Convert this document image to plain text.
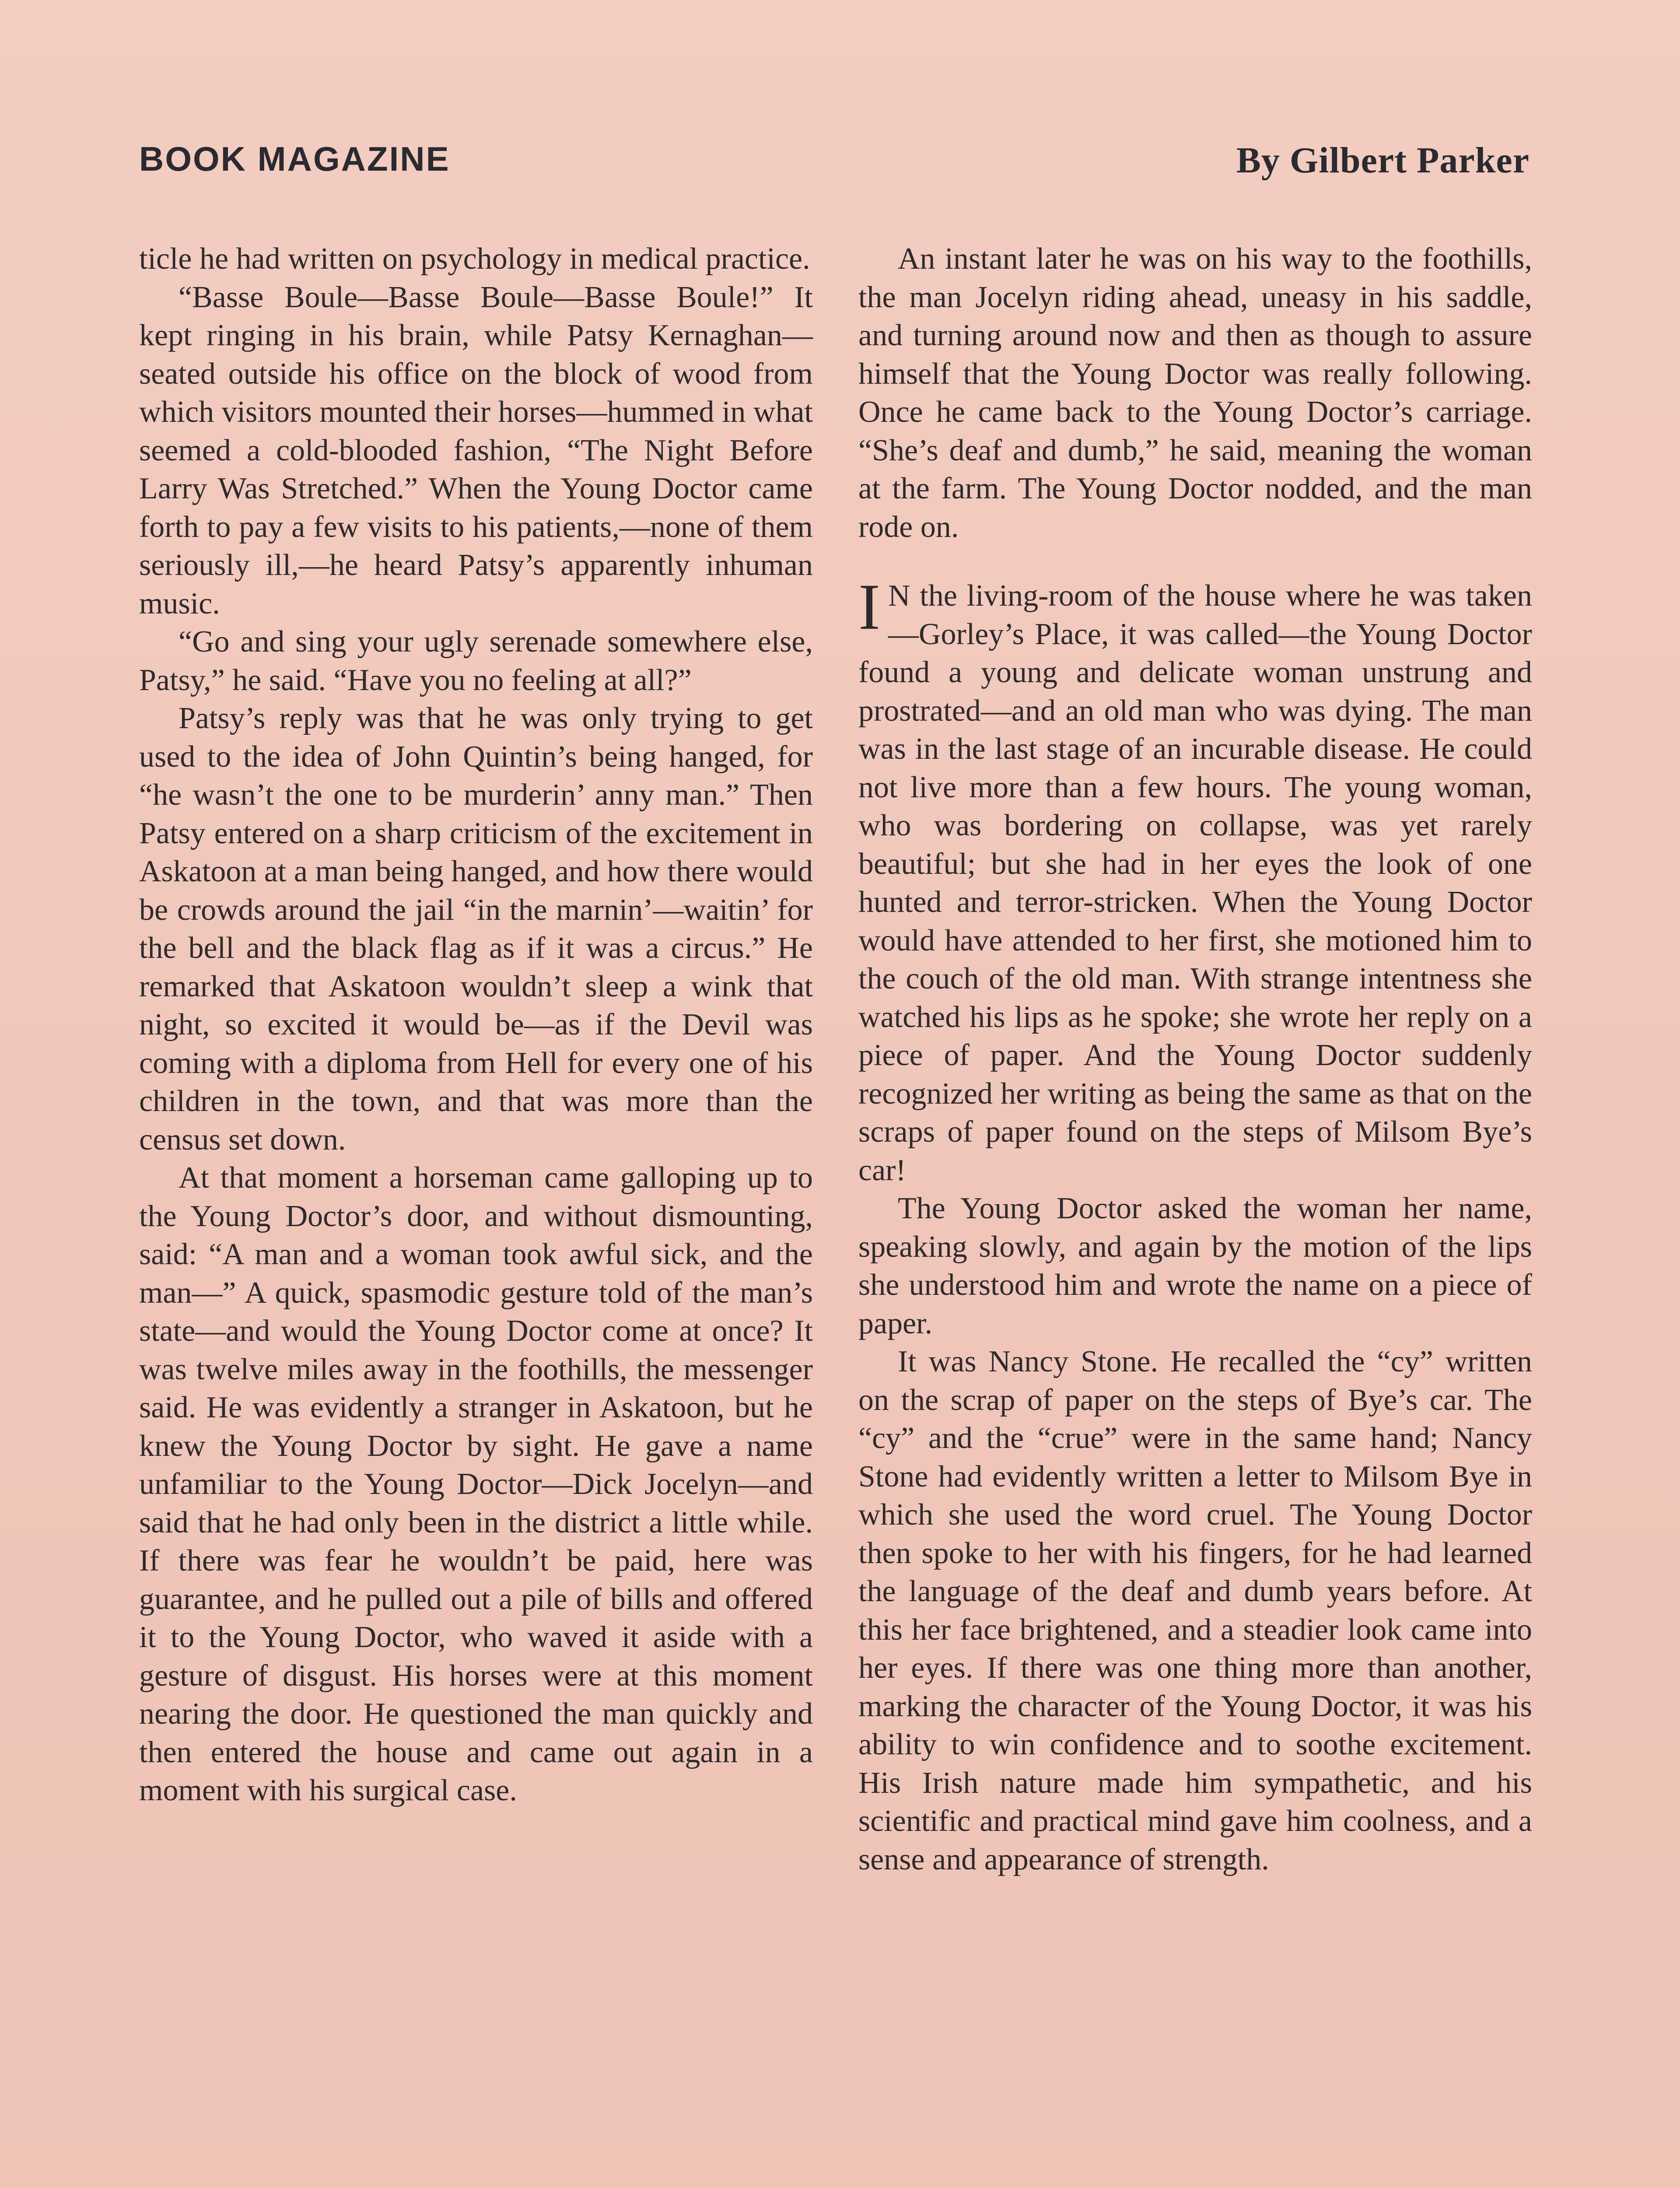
BOOK MAGAZINE	By Gilbert Parker

ticle he had written on psychology in medical practice.

“Basse Boule—Basse Boule—Basse Boule!” It kept ringing in his brain, while Patsy Kernaghan—seated outside his office on the block of wood from which visitors mounted their horses—hummed in what seemed a cold-blooded fashion, “The Night Before Larry Was Stretched.” When the Young Doctor came forth to pay a few visits to his patients,—none of them seriously ill,—he heard Patsy’s apparently inhuman music.

“Go and sing your ugly serenade somewhere else, Patsy,” he said. “Have you no feeling at all?”

Patsy’s reply was that he was only trying to get used to the idea of John Quintin’s being hanged, for “he wasn’t the one to be murderin’ anny man.” Then Patsy entered on a sharp criticism of the excitement in Askatoon at a man being hanged, and how there would be crowds around the jail “in the marnin’—waitin’ for the bell and the black flag as if it was a circus.” He remarked that Askatoon wouldn’t sleep a wink that night, so excited it would be—as if the Devil was coming with a diploma from Hell for every one of his children in the town, and that was more than the census set down.

At that moment a horseman came galloping up to the Young Doctor’s door, and without dismounting, said: “A man and a woman took awful sick, and the man—” A quick, spasmodic gesture told of the man’s state—and would the Young Doctor come at once? It was twelve miles away in the foothills, the messenger said. He was evidently a stranger in Askatoon, but he knew the Young Doctor by sight. He gave a name unfamiliar to the Young Doctor—Dick Jocelyn—and said that he had only been in the district a little while. If there was fear he wouldn’t be paid, here was guarantee, and he pulled out a pile of bills and offered it to the Young Doctor, who waved it aside with a gesture of disgust. His horses were at this moment nearing the door. He questioned the man quickly and then entered the house and came out again in a moment with his surgical case.

An instant later he was on his way to the foothills, the man Jocelyn riding ahead, uneasy in his saddle, and turning around now and then as though to assure himself that the Young Doctor was really following. Once he came back to the Young Doctor’s carriage. “She’s deaf and dumb,” he said, meaning the woman at the farm. The Young Doctor nodded, and the man rode on.

I N the living-room of the house where he was taken—Gorley’s Place, it was called—the Young Doctor found a young and delicate woman unstrung and prostrated—and an old man who was dying. The man was in the last stage of an incurable disease. He could not live more than a few hours. The young woman, who was bordering on collapse, was yet rarely beautiful; but she had in her eyes the look of one hunted and terror-stricken. When the Young Doctor would have attended to her first, she motioned him to the couch of the old man. With strange intentness she watched his lips as he spoke; she wrote her reply on a piece of paper. And the Young Doctor suddenly recognized her writing as being the same as that on the scraps of paper found on the steps of Milsom Bye’s car!

The Young Doctor asked the woman her name, speaking slowly, and again by the motion of the lips she understood him and wrote the name on a piece of paper.

It was Nancy Stone. He recalled the “cy” written on the scrap of paper on the steps of Bye’s car. The “cy” and the “crue” were in the same hand; Nancy Stone had evidently written a letter to Milsom Bye in which she used the word cruel. The Young Doctor then spoke to her with his fingers, for he had learned the language of the deaf and dumb years before. At this her face brightened, and a steadier look came into her eyes. If there was one thing more than another, marking the character of the Young Doctor, it was his ability to win confidence and to soothe excitement. His Irish nature made him sympathetic, and his scientific and practical mind gave him coolness, and a sense and appearance of strength.
